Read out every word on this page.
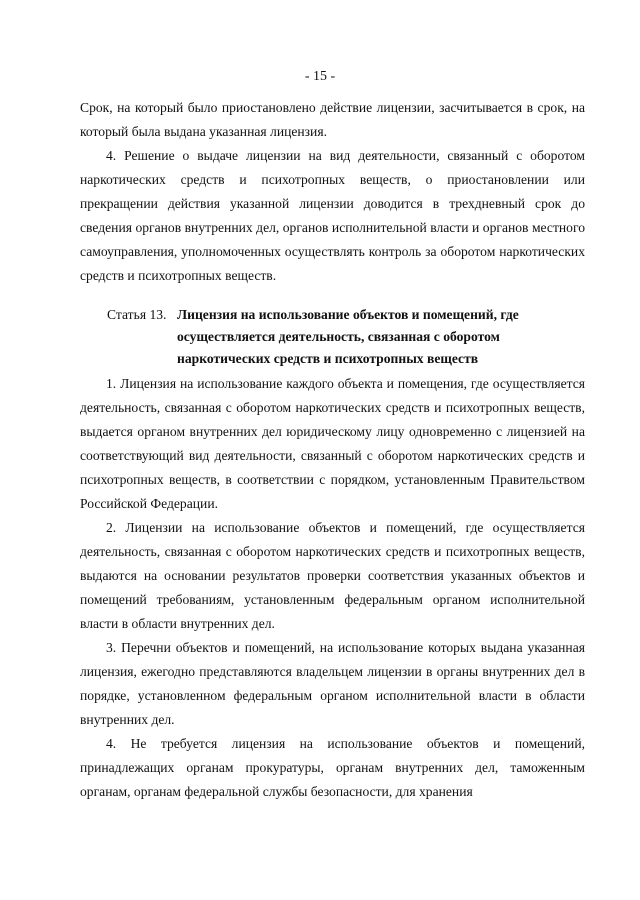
- 15 -

Срок, на который было приостановлено действие лицензии, засчитывается в срок, на который была выдана указанная лицензия.

4. Решение о выдаче лицензии на вид деятельности, связанный с оборотом наркотических средств и психотропных веществ, о приостановлении или прекращении действия указанной лицензии доводится в трехдневный срок до сведения органов внутренних дел, органов исполнительной власти и органов местного самоуправления, уполномоченных осуществлять контроль за оборотом наркотических средств и психотропных веществ.

Статья 13. Лицензия на использование объектов и помещений, где осуществляется деятельность, связанная с оборотом наркотических средств и психотропных веществ

1. Лицензия на использование каждого объекта и помещения, где осуществляется деятельность, связанная с оборотом наркотических средств и психотропных веществ, выдается органом внутренних дел юридическому лицу одновременно с лицензией на соответствующий вид деятельности, связанный с оборотом наркотических средств и психотропных веществ, в соответствии с порядком, установленным Правительством Российской Федерации.

2. Лицензии на использование объектов и помещений, где осуществляется деятельность, связанная с оборотом наркотических средств и психотропных веществ, выдаются на основании результатов проверки соответствия указанных объектов и помещений требованиям, установленным федеральным органом исполнительной власти в области внутренних дел.

3. Перечни объектов и помещений, на использование которых выдана указанная лицензия, ежегодно представляются владельцем лицензии в органы внутренних дел в порядке, установленном федеральным органом исполнительной власти в области внутренних дел.

4. Не требуется лицензия на использование объектов и помещений, принадлежащих органам прокуратуры, органам внутренних дел, таможенным органам, органам федеральной службы безопасности, для хранения
